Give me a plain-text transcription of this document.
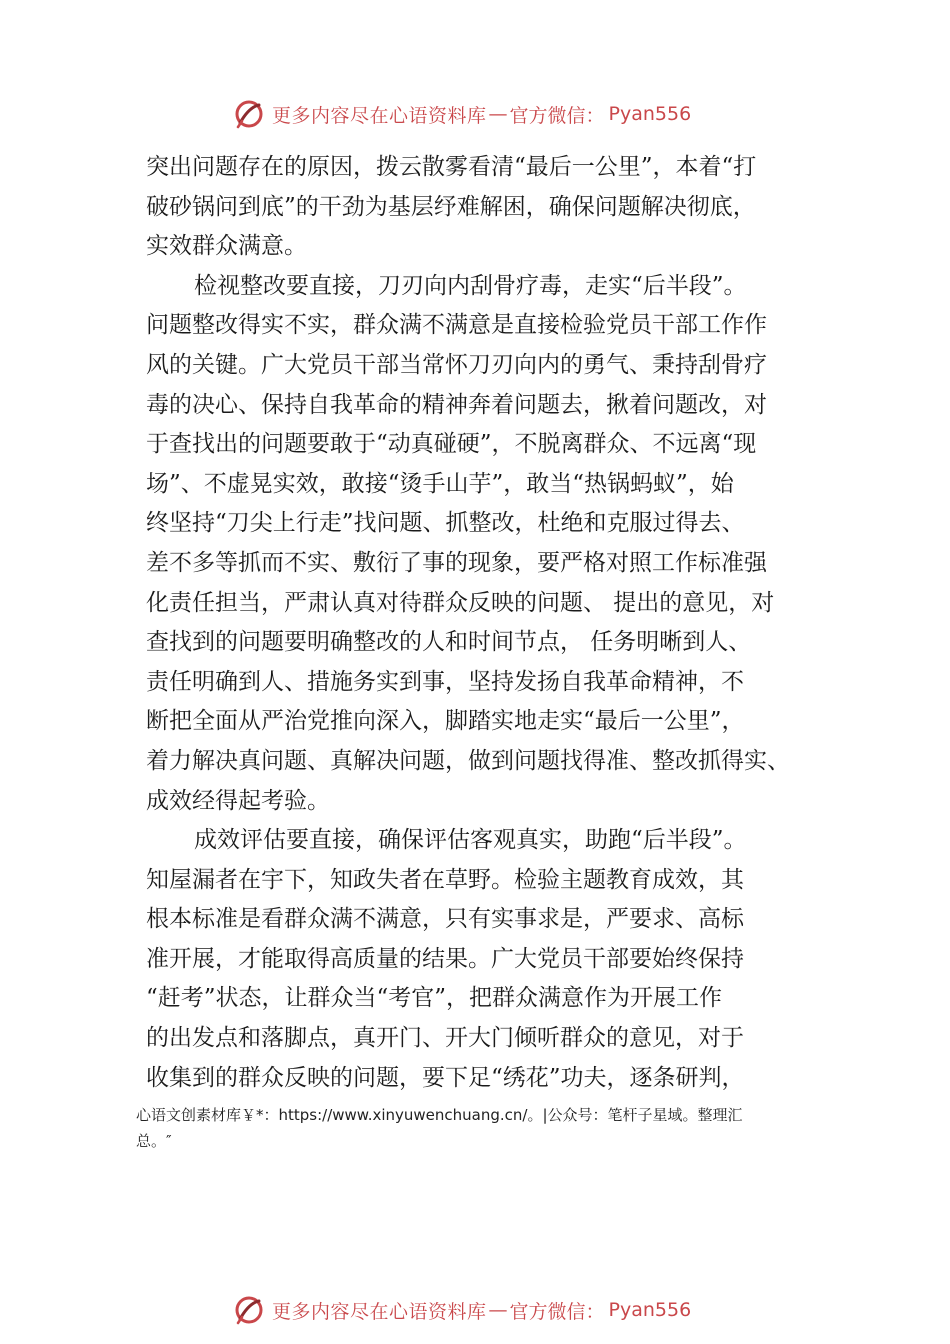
更多内容尽在心语资料库 — 官方微信： Pyan556
突出问题存在的原因，拨云散雾看清“最后一公里”，本着“打
破砂锅问到底”的干劲为基层纾难解困，确保问题解决彻底，
实效群众满意。
检视整改要直接，刀刃向内刮骨疗毒，走实“后半段”。
问题整改得实不实，群众满不满意是直接检验党员干部工作作
风的关键。广大党员干部当常怀刀刃向内的勇气、秉持刮骨疗
毒的决心、保持自我革命的精神奔着问题去，揪着问题改，对
于查找出的问题要敢于“动真碰硬”，不脱离群众、不远离“现
场”、不虚晃实效，敢接“烫手山芋”，敢当“热锅蚂蚁”，始
终坚持“刀尖上行走”找问题、抓整改，杜绝和克服过得去、
差不多等抓而不实、敷衍了事的现象，要严格对照工作标准强
化责任担当，严肃认真对待群众反映的问题、 提出的意见，对
查找到的问题要明确整改的人和时间节点， 任务明晰到人、
责任明确到人、措施务实到事，坚持发扬自我革命精神，不
断把全面从严治党推向深入，脚踏实地走实“最后一公里”，
着力解决真问题、真解决问题，做到问题找得准、整改抓得实、
成效经得起考验。
成效评估要直接，确保评估客观真实，助跑“后半段”。
知屋漏者在宇下，知政失者在草野。检验主题教育成效，其
根本标准是看群众满不满意，只有实事求是，严要求、高标
准开展，才能取得高质量的结果。广大党员干部要始终保持
“赶考”状态，让群众当“考官”，把群众满意作为开展工作
的出发点和落脚点，真开门、开大门倾听群众的意见，对于
收集到的群众反映的问题，要下足“绣花”功夫，逐条研判，
心语文创素材库￥*：https://www.xinyuwenchuang.cn/。|公众号：笔杆子星域。整理汇
总。″
更多内容尽在心语资料库 — 官方微信： Pyan556
